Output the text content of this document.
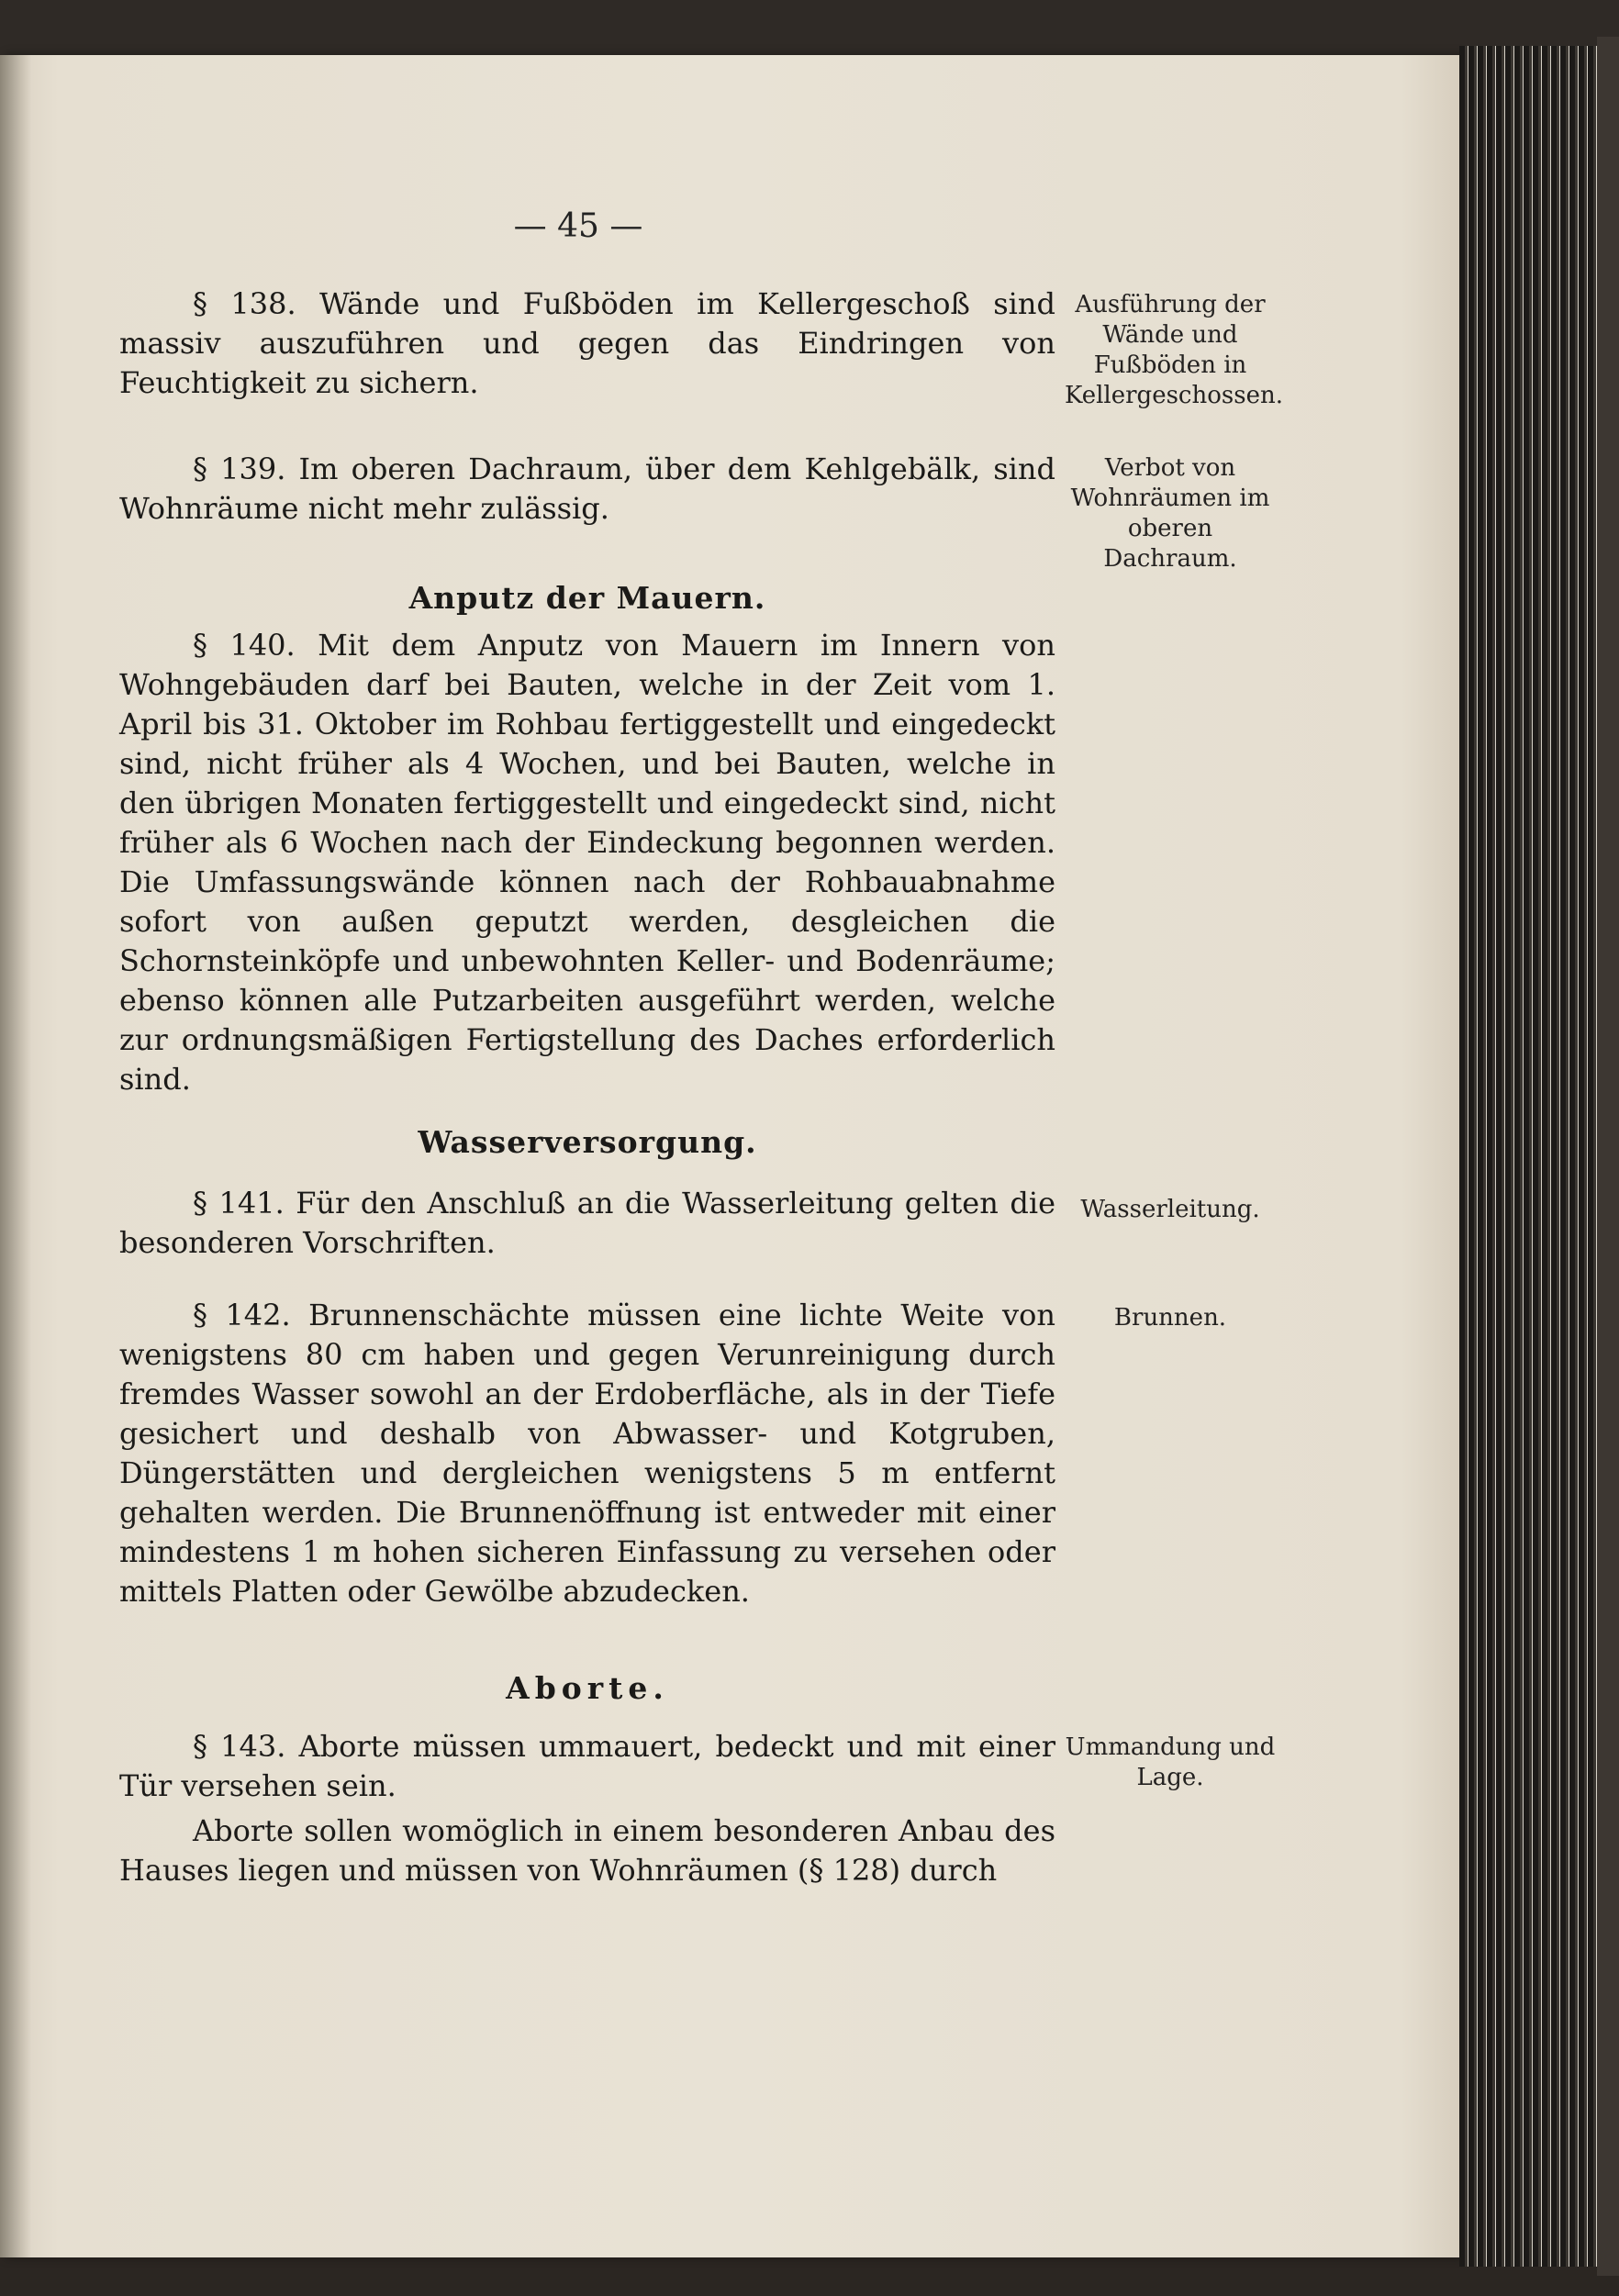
— 45 —
§ 138. Wände und Fußböden im Kellergeschoß sind massiv auszuführen und gegen das Eindringen von Feuchtigkeit zu sichern.
Ausführung der Wände und Fußböden in Kellergeschossen.
§ 139. Im oberen Dachraum, über dem Kehlgebälk, sind Wohnräume nicht mehr zulässig.
Verbot von Wohnräumen im oberen Dachraum.
Anputz der Mauern.
§ 140. Mit dem Anputz von Mauern im Innern von Wohngebäuden darf bei Bauten, welche in der Zeit vom 1. April bis 31. Oktober im Rohbau fertiggestellt und eingedeckt sind, nicht früher als 4 Wochen, und bei Bauten, welche in den übrigen Monaten fertiggestellt und eingedeckt sind, nicht früher als 6 Wochen nach der Eindeckung begonnen werden. Die Umfassungswände können nach der Rohbauabnahme sofort von außen geputzt werden, desgleichen die Schornsteinköpfe und unbewohnten Keller- und Bodenräume; ebenso können alle Putzarbeiten ausgeführt werden, welche zur ordnungsmäßigen Fertigstellung des Daches erforderlich sind.
Wasserversorgung.
§ 141. Für den Anschluß an die Wasserleitung gelten die besonderen Vorschriften.
Wasserleitung.
§ 142. Brunnenschächte müssen eine lichte Weite von wenigstens 80 cm haben und gegen Verunreinigung durch fremdes Wasser sowohl an der Erdoberfläche, als in der Tiefe gesichert und deshalb von Abwasser- und Kotgruben, Düngerstätten und dergleichen wenigstens 5 m entfernt gehalten werden. Die Brunnenöffnung ist entweder mit einer mindestens 1 m hohen sicheren Einfassung zu versehen oder mittels Platten oder Gewölbe abzudecken.
Brunnen.
Aborte.
§ 143. Aborte müssen ummauert, bedeckt und mit einer Tür versehen sein.
Ummandung und Lage.
Aborte sollen womöglich in einem besonderen Anbau des Hauses liegen und müssen von Wohnräumen (§ 128) durch
